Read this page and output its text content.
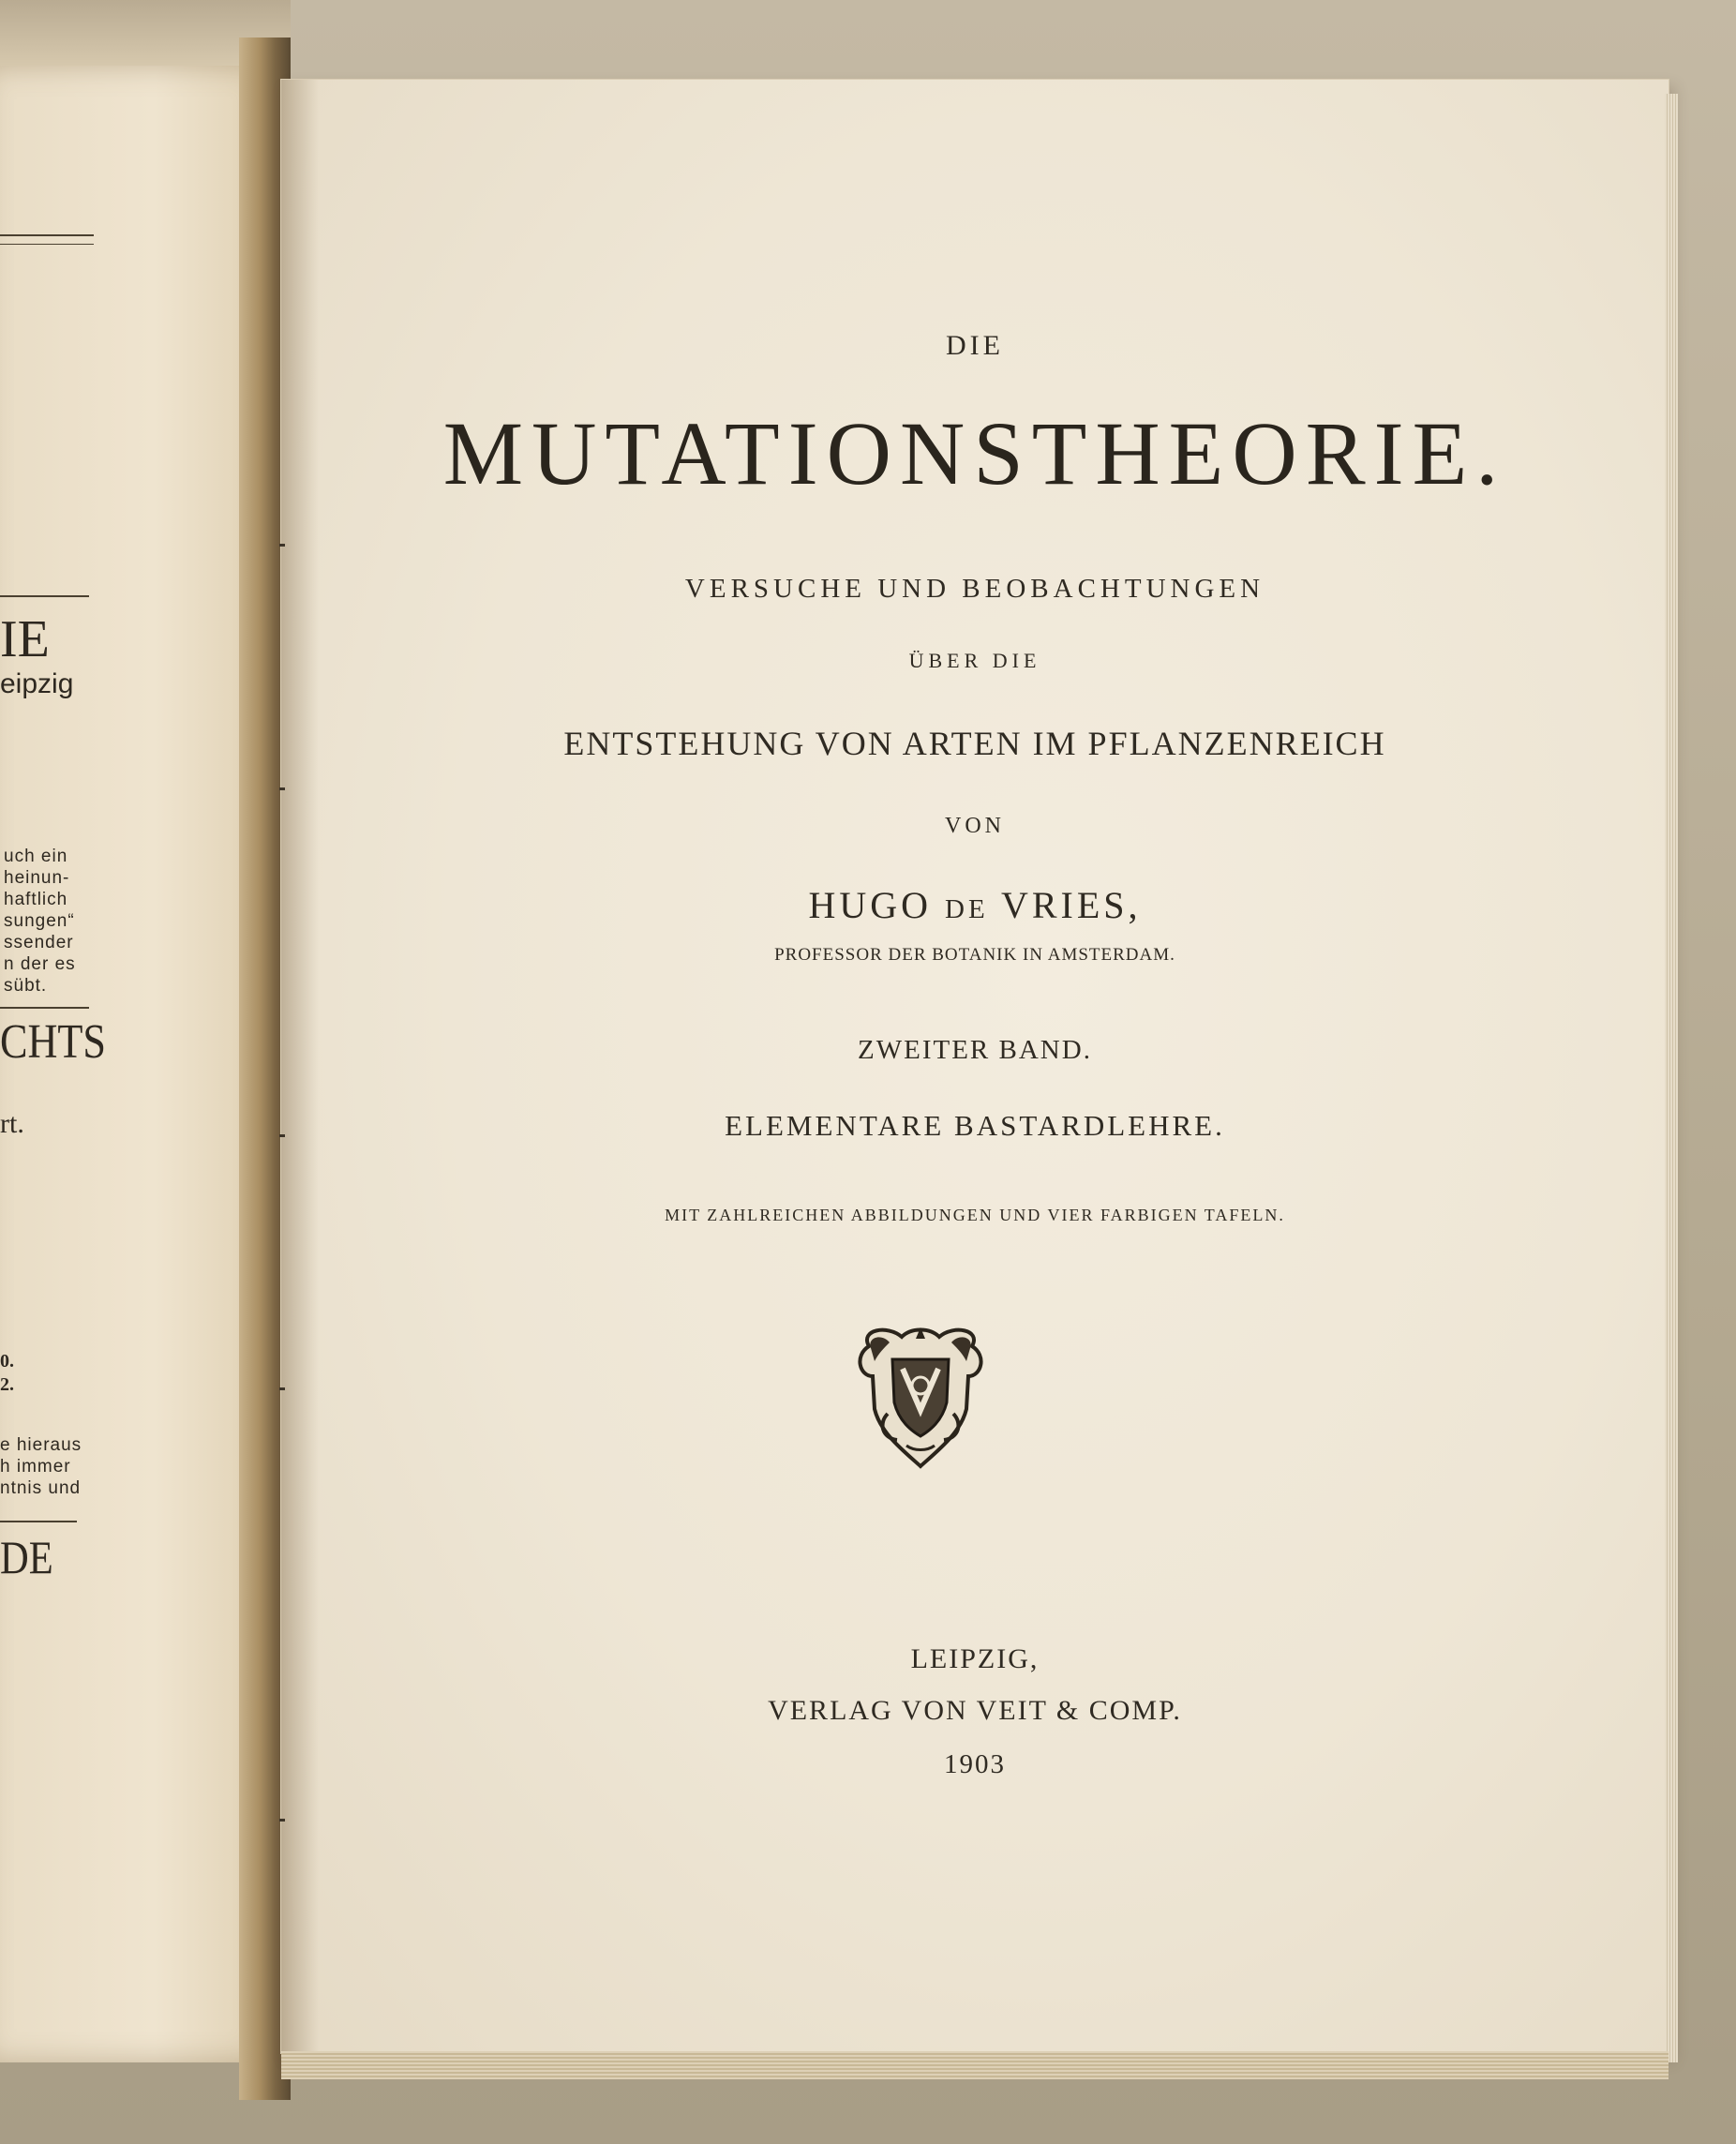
IE
eipzig
uch ein
heinun-
haftlich
sungen“
ssender
n der es
sübt.
CHTS
rt.
0.
2.
e hieraus
h immer
ntnis und
DE
DIE
MUTATIONSTHEORIE.
VERSUCHE UND BEOBACHTUNGEN
ÜBER DIE
ENTSTEHUNG VON ARTEN IM PFLANZENREICH
VON
HUGO DE VRIES,
PROFESSOR DER BOTANIK IN AMSTERDAM.
ZWEITER BAND.
ELEMENTARE BASTARDLEHRE.
MIT ZAHLREICHEN ABBILDUNGEN UND VIER FARBIGEN TAFELN.
LEIPZIG,
VERLAG VON VEIT & COMP.
1903
